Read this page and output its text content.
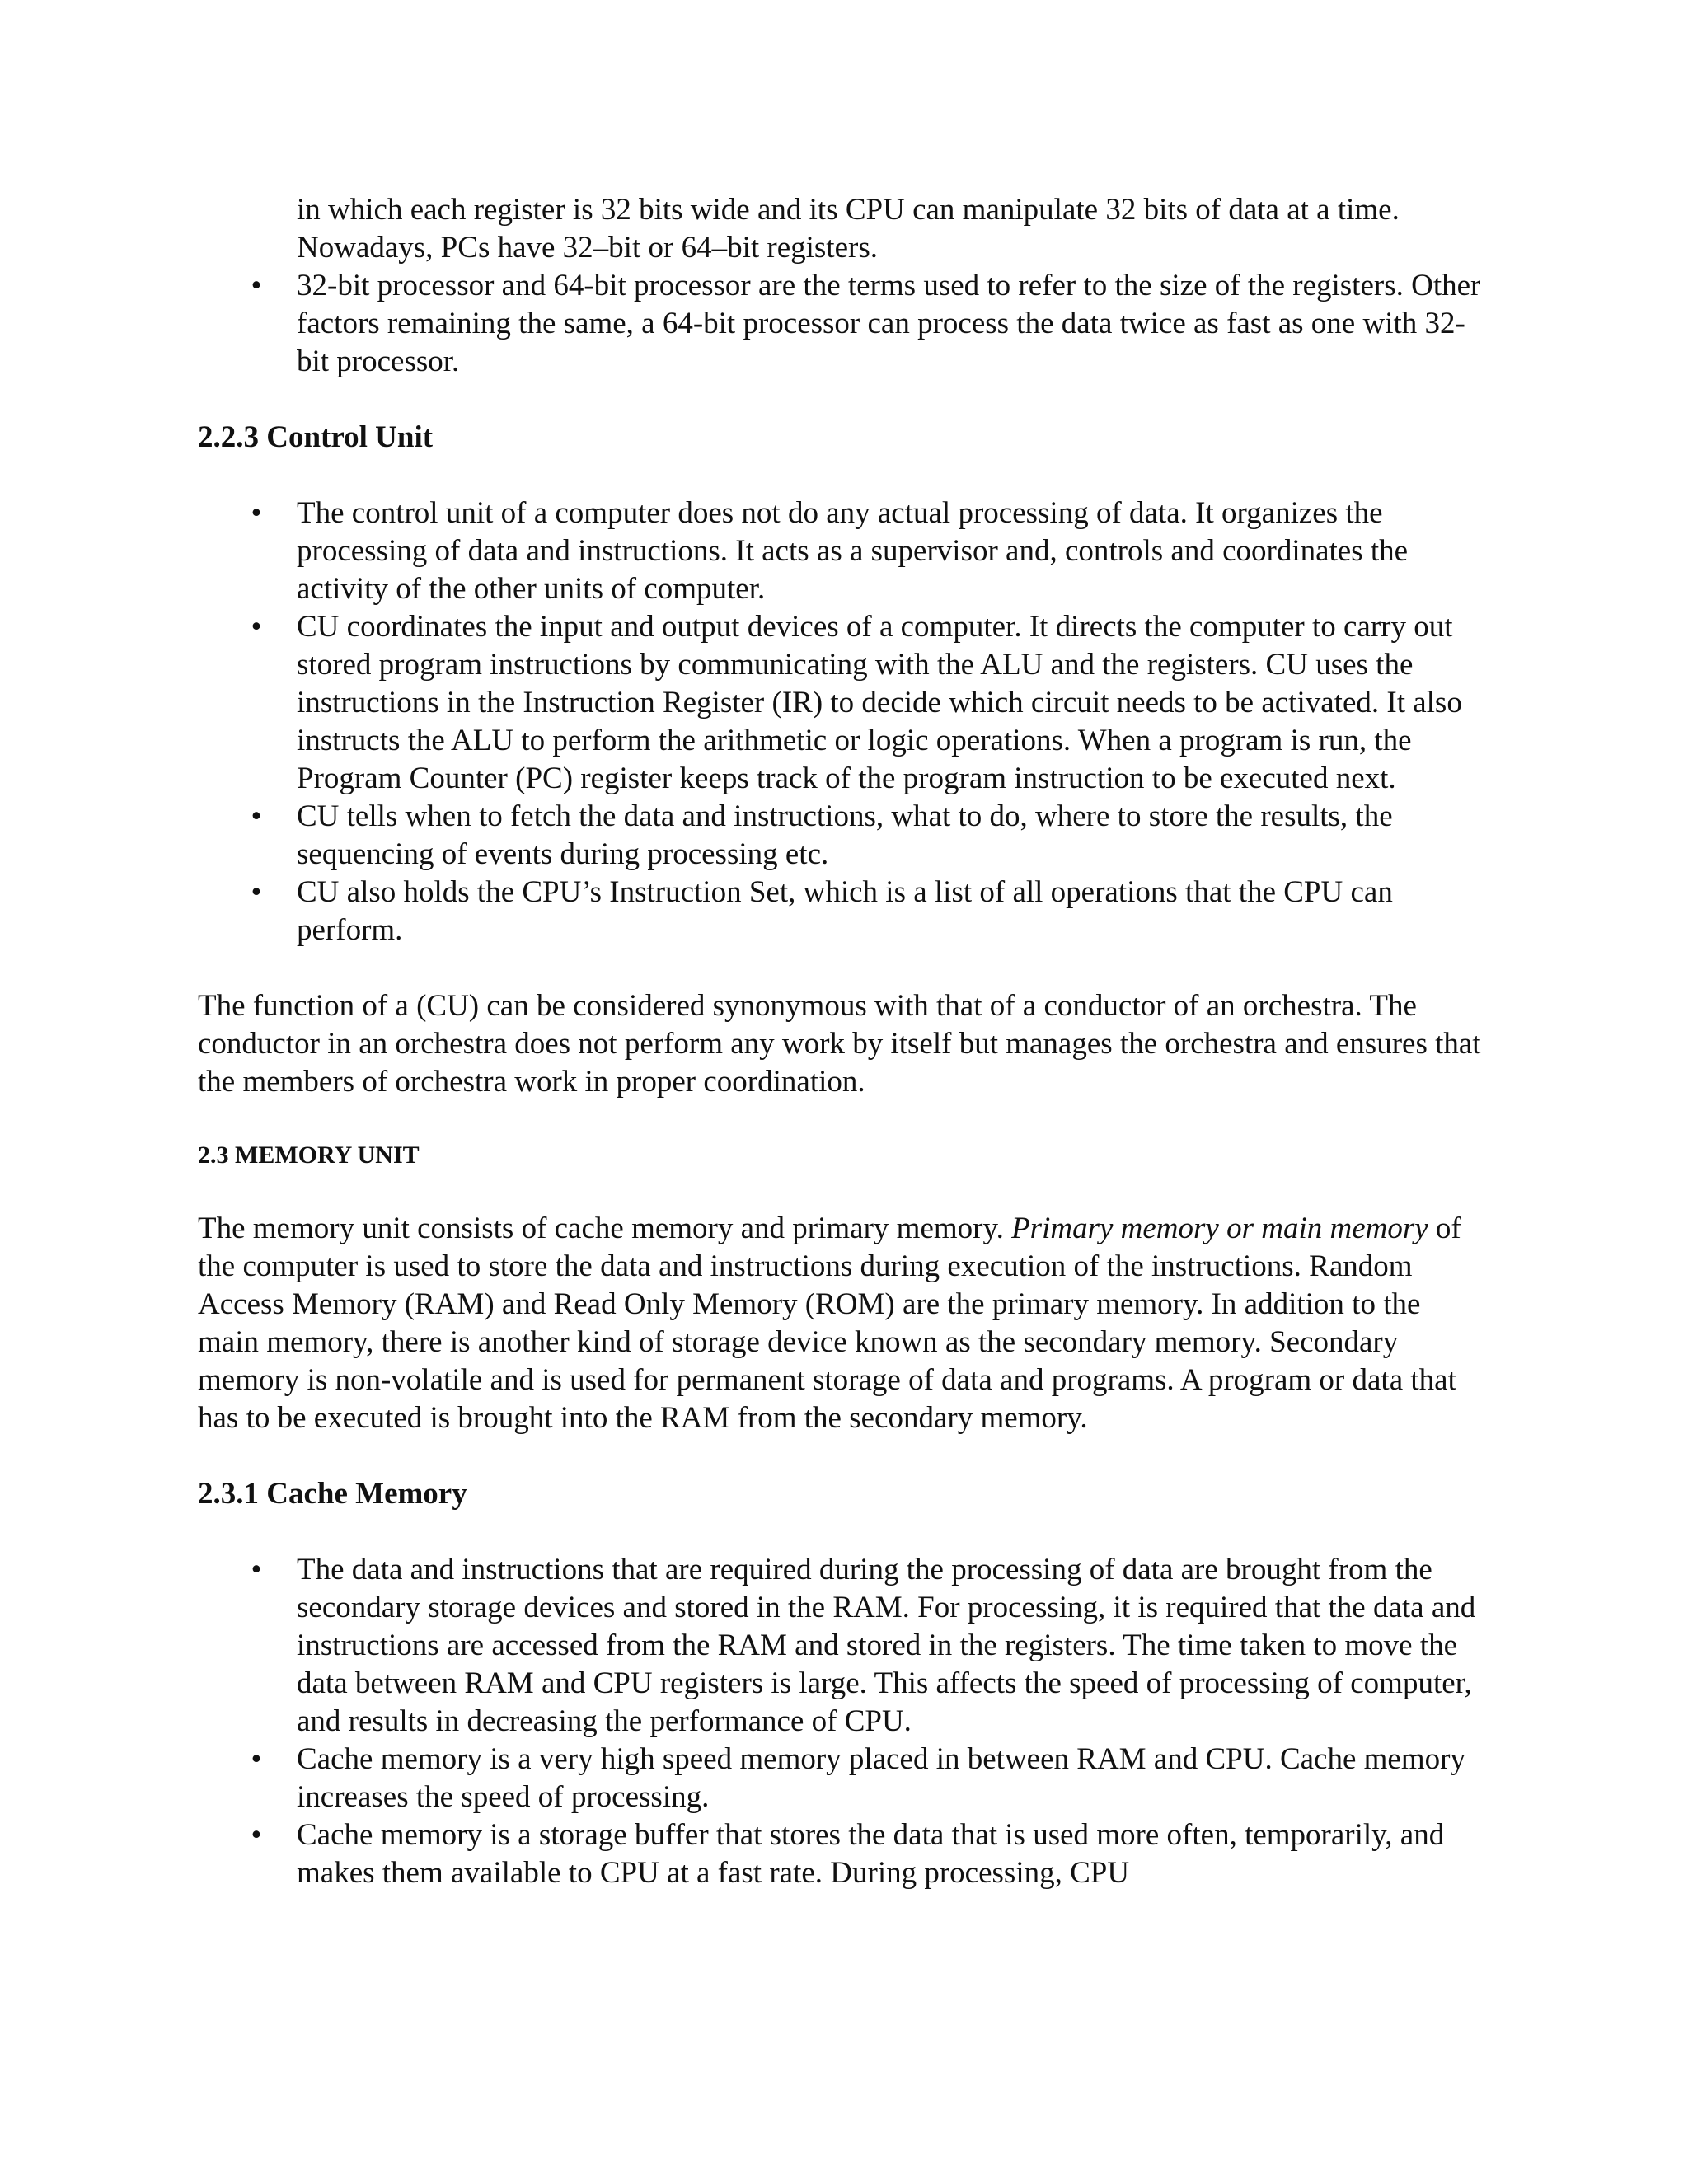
in which each register is 32 bits wide and its CPU can manipulate 32 bits of data at a time. Nowadays, PCs have 32–bit or 64–bit registers.

• 32-bit processor and 64-bit processor are the terms used to refer to the size of the registers. Other factors remaining the same, a 64-bit processor can process the data twice as fast as one with 32-bit processor.
2.2.3 Control Unit
• The control unit of a computer does not do any actual processing of data. It organizes the processing of data and instructions. It acts as a supervisor and, controls and coordinates the activity of the other units of computer.
• CU coordinates the input and output devices of a computer. It directs the computer to carry out stored program instructions by communicating with the ALU and the registers. CU uses the instructions in the Instruction Register (IR) to decide which circuit needs to be activated. It also instructs the ALU to perform the arithmetic or logic operations. When a program is run, the Program Counter (PC) register keeps track of the program instruction to be executed next.
• CU tells when to fetch the data and instructions, what to do, where to store the results, the sequencing of events during processing etc.
• CU also holds the CPU’s Instruction Set, which is a list of all operations that the CPU can perform.

The function of a (CU) can be considered synonymous with that of a conductor of an orchestra. The conductor in an orchestra does not perform any work by itself but manages the orchestra and ensures that the members of orchestra work in proper coordination.

2.3 MEMORY UNIT

The memory unit consists of cache memory and primary memory. Primary memory or main memory of the computer is used to store the data and instructions during execution of the instructions. Random Access Memory (RAM) and Read Only Memory (ROM) are the primary memory. In addition to the main memory, there is another kind of storage device known as the secondary memory. Secondary memory is non-volatile and is used for permanent storage of data and programs. A program or data that has to be executed is brought into the RAM from the secondary memory.

2.3.1 Cache Memory
• The data and instructions that are required during the processing of data are brought from the secondary storage devices and stored in the RAM. For processing, it is required that the data and instructions are accessed from the RAM and stored in the registers. The time taken to move the data between RAM and CPU registers is large. This affects the speed of processing of computer, and results in decreasing the performance of CPU.
• Cache memory is a very high speed memory placed in between RAM and CPU. Cache memory increases the speed of processing.
• Cache memory is a storage buffer that stores the data that is used more often, temporarily, and makes them available to CPU at a fast rate. During processing, CPU
